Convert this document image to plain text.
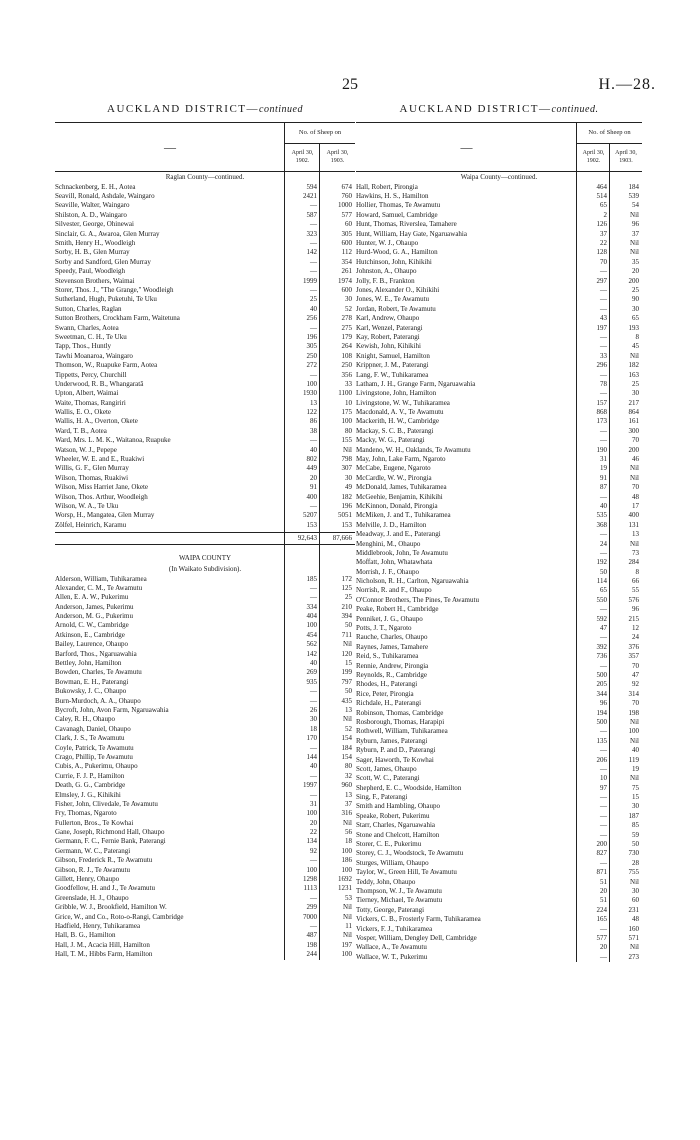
25	H.—28.
AUCKLAND DISTRICT—continued
—
No. of Sheep on
April 30, 1902.
April 30, 1903.
Raglan County—continued.
Schnackenberg, E. H., Aotea	594	674
Seavill, Ronald, Ashdale, Waingaro	2421	760
Seaville, Walter, Waingaro	—	1000
Shilston, A. D., Waingaro	587	577
Silvester, George, Ohinewai	—	60
Sinclair, G. A., Awaroa, Glen Murray	323	305
Smith, Henry H., Woodleigh	—	600
Sorby, H. B., Glen Murray	142	112
Sorby and Sandford, Glen Murray	—	354
Speedy, Paul, Woodleigh	—	261
Stevenson Brothers, Waimai	1999	1974
Storer, Thos. J., "The Grange," Woodleigh	—	600
Sutherland, Hugh, Puketuhi, Te Uku	25	30
Sutton, Charles, Raglan	40	52
Sutton Brothers, Crockham Farm, Waitetuna	256	278
Swann, Charles, Aotea	—	275
Sweetman, C. H., Te Uku	196	179
Tapp, Thos., Huntly	305	264
Tawhi Moanaroa, Waingaro	250	108
Thomson, W., Ruapuke Farm, Aotea	272	250
Tippetts, Percy, Churchill	—	356
Underwood, R. B., Whangaratā	100	33
Upton, Albert, Waimai	1930	1100
Waite, Thomas, Rangiriri	13	10
Wallis, E. O., Okete	122	175
Wallis, H. A., Overton, Okete	86	100
Ward, T. B., Aotea	38	80
Ward, Mrs. L. M. K., Waitanoa, Ruapuke	—	155
Watson, W. J., Pepepe	40	Nil
Wheeler, W. E. and E., Ruakiwi	802	798
Willis, G. F., Glen Murray	449	307
Wilson, Thomas, Ruakiwi	20	30
Wilson, Miss Harriet Jane, Okete	91	49
Wilson, Thos. Arthur, Woodleigh	400	182
Wilson, W. A., Te Uku	—	196
Worsp, H., Mangatea, Glen Murray	5207	5051
Zölfel, Heinrich, Karamu	153	153
92,643	87,666
WAIPA COUNTY
(In Waikato Subdivision).
Alderson, William, Tuhikaramea	185	172
Alexander, C. M., Te Awamutu	—	125
Allen, E. A. W., Pukerimu	—	25
Anderson, James, Pukerimu	334	210
Anderson, M. G., Pukerimu	404	394
Arnold, C. W., Cambridge	100	50
Atkinson, E., Cambridge	454	711
Bailey, Laurence, Ohaupo	562	Nil
Barford, Thos., Ngaruawahia	142	120
Bettley, John, Hamilton	40	15
Bowden, Charles, Te Awamutu	269	199
Bowman, E. H., Paterangi	935	797
Bukowsky, J. C., Ohaupo	—	50
Burn-Murdoch, A. A., Ohaupo	—	435
Bycroft, John, Avon Farm, Ngaruawahia	26	13
Caley, R. H., Ohaupo	30	Nil
Cavanagh, Daniel, Ohaupo	18	52
Clark, J. S., Te Awamutu	170	154
Coyle, Patrick, Te Awamutu	—	184
Crago, Phillip, Te Awamutu	144	154
Cubis, A., Pukerimu, Ohaupo	40	80
Currie, F. J. P., Hamilton	—	32
Death, G. G., Cambridge	1997	960
Elmsley, J. G., Kihikihi	—	13
Fisher, John, Clivedale, Te Awamutu	31	37
Fry, Thomas, Ngaroto	100	316
Fullerton, Bros., Te Kowhai	20	Nil
Gane, Joseph, Richmond Hall, Ohaupo	22	56
Germann, F. C., Fernie Bank, Paterangi	134	18
Germann, W. C., Paterangi	92	100
Gibson, Frederick R., Te Awamutu	—	186
Gibson, R. J., Te Awamutu	100	100
Gillett, Henry, Ohaupo	1298	1692
Goodfellow, H. and J., Te Awamutu	1113	1231
Greenslade, H. J., Ohaupo	—	53
Gribble, W. J., Brookfield, Hamilton W.	299	Nil
Grice, W., and Co., Roto-o-Rangi, Cambridge	7000	Nil
Hadfield, Henry, Tuhikaramea	—	11
Hall, B. G., Hamilton	487	Nil
Hall, J. M., Acacia Hill, Hamilton	198	197
Hall, T. M., Hibbs Farm, Hamilton	244	100
AUCKLAND DISTRICT—continued.
—
No. of Sheep on
April 30, 1902.
April 30, 1903.
Waipa County—continued.
Hall, Robert, Pirongia	464	184
Hawkins, H. S., Hamilton	514	539
Hollier, Thomas, Te Awamutu	65	54
Howard, Samuel, Cambridge	2	Nil
Hunt, Thomas, Riverslea, Tamahere	126	96
Hunt, William, Hay Gate, Ngaruawahia	37	37
Hunter, W. J., Ohaupo	22	Nil
Hurd-Wood, G. A., Hamilton	128	Nil
Hutchinson, John, Kihikihi	70	35
Johnston, A., Ohaupo	—	20
Jolly, F. B., Frankton	297	200
Jones, Alexander O., Kihikihi	—	25
Jones, W. E., Te Awamutu	—	90
Jordan, Robert, Te Awamutu	—	30
Karl, Andrew, Ohaupo	43	65
Karl, Wenzel, Paterangi	197	193
Kay, Robert, Paterangi	—	8
Kewish, John, Kihikihi	—	45
Knight, Samuel, Hamilton	33	Nil
Krippner, J. M., Paterangi	296	182
Lang, F. W., Tuhikaramea	—	163
Latham, J. H., Grange Farm, Ngaruawahia	78	25
Livingstone, John, Hamilton	—	30
Livingstone, W. W., Tuhikaramea	157	217
Macdonald, A. V., Te Awamutu	868	864
Mackerith, H. W., Cambridge	173	161
Mackay, S. C. B., Paterangi	—	300
Macky, W. G., Paterangi	—	70
Mandeno, W. H., Oaklands, Te Awamutu	190	200
May, John, Lake Farm, Ngaroto	31	46
McCabe, Eugene, Ngaroto	19	Nil
McCardle, W. W., Pirongia	91	Nil
McDonald, James, Tuhikaramea	87	70
McGeehie, Benjamin, Kihikihi	—	48
McKinnon, Donald, Pirongia	40	17
McMiken, J. and T., Tuhikaramea	535	400
Melville, J. D., Hamilton	368	131
Meadway, J. and E., Paterangi	—	13
Menghini, M., Ohaupo	24	Nil
Middlebrook, John, Te Awamutu	—	73
Moffatt, John, Whatawhata	192	284
Morrish, J. F., Ohaupo	50	8
Nicholson, R. H., Carlton, Ngaruawahia	114	66
Norrish, R. and F., Ohaupo	65	55
O'Connor Brothers, The Pines, Te Awamutu	550	576
Peake, Robert H., Cambridge	—	96
Penniket, J. G., Ohaupo	592	215
Potts, J. T., Ngaroto	47	12
Rauche, Charles, Ohaupo	—	24
Raynes, James, Tamahere	392	376
Reid, S., Tuhikaramea	736	357
Rennie, Andrew, Pirongia	—	70
Reynolds, R., Cambridge	500	47
Rhodes, H., Paterangi	205	92
Rice, Peter, Pirongia	344	314
Richdale, H., Paterangi	96	70
Robinson, Thomas, Cambridge	194	198
Rosborough, Thomas, Harapipi	500	Nil
Rothwell, William, Tuhikaramea	—	100
Ryburn, James, Paterangi	135	Nil
Ryburn, P. and D., Paterangi	—	40
Sager, Haworth, Te Kowhai	206	119
Scott, James, Ohaupo	—	19
Scott, W. C., Paterangi	10	Nil
Shepherd, E. C., Woodside, Hamilton	97	75
Sing, F., Paterangi	—	15
Smith and Hambling, Ohaupo	—	30
Speake, Robert, Pukerimu	—	187
Starr, Charles, Ngaruawahia	—	85
Stone and Chelcott, Hamilton	—	59
Storer, C. E., Pukerimu	200	50
Storey, C. J., Woodstock, Te Awamutu	827	730
Sturges, William, Ohaupo	—	28
Taylor, W., Green Hill, Te Awamutu	871	755
Teddy, John, Ohaupo	51	Nil
Thompson, W. J., Te Awamutu	20	30
Tierney, Michael, Te Awamutu	51	60
Totty, George, Paterangi	224	231
Vickers, C. B., Frosterly Farm, Tuhikaramea	165	48
Vickers, F. J., Tuhikaramea	—	160
Vosper, William, Dengley Dell, Cambridge	577	571
Wallace, A., Te Awamutu	20	Nil
Wallace, W. T., Pukerimu	—	273
